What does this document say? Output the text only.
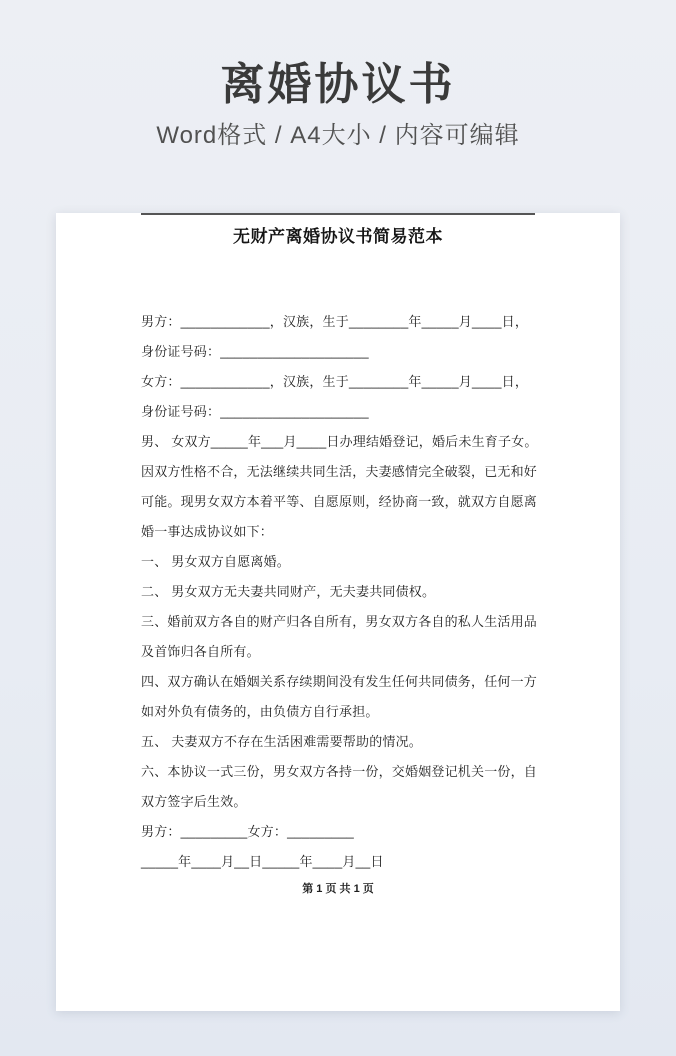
离婚协议书
Word格式 / A4大小 / 内容可编辑
无财产离婚协议书简易范本
男方：____________，汉族，生于________年_____月____日，
身份证号码：____________________
女方：____________，汉族，生于________年_____月____日，
身份证号码：____________________
男、 女双方_____年___月____日办理结婚登记，婚后未生育子女。
因双方性格不合，无法继续共同生活，夫妻感情完全破裂，已无和好
可能。现男女双方本着平等、自愿原则，经协商一致，就双方自愿离
婚一事达成协议如下：
一、 男女双方自愿离婚。
二、 男女双方无夫妻共同财产，无夫妻共同债权。
三、婚前双方各自的财产归各自所有，男女双方各自的私人生活用品
及首饰归各自所有。
四、双方确认在婚姻关系存续期间没有发生任何共同债务，任何一方
如对外负有债务的，由负债方自行承担。
五、 夫妻双方不存在生活困难需要帮助的情况。
六、本协议一式三份，男女双方各持一份，交婚姻登记机关一份，自
双方签字后生效。
男方：_________女方：_________
_____年____月__日_____年____月__日
第 1 页 共 1 页
